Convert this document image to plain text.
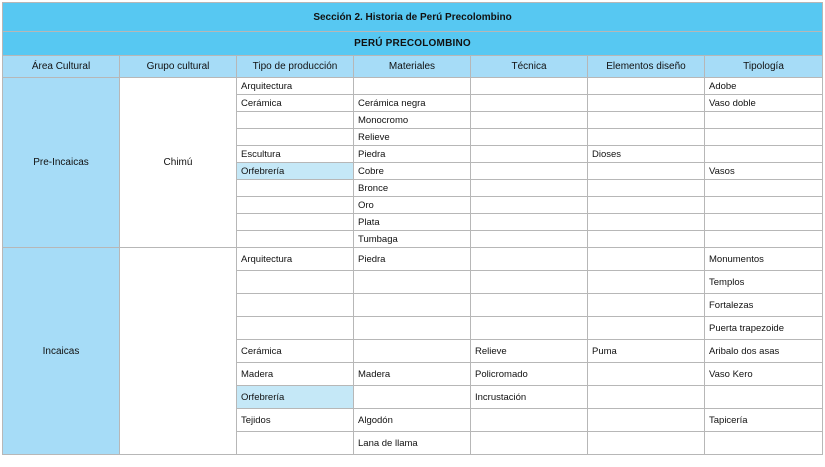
Sección 2. Historia de Perú Precolombino						
PERÚ PRECOLOMBINO						
Área Cultural	Grupo cultural	Tipo de producción	Materiales	Técnica	Elementos diseño	Tipología
Pre-Incaicas	Chimú	Arquitectura				Adobe
		Cerámica	Cerámica negra			Vaso doble
			Monocromo			
			Relieve			
		Escultura	Piedra		Dioses	
		Orfebrería	Cobre			Vasos
			Bronce			
			Oro			
			Plata			
			Tumbaga			
Incaicas		Arquitectura	Piedra			Monumentos
						Templos
						Fortalezas
						Puerta trapezoide
		Cerámica		Relieve	Puma	Aribalo dos asas
		Madera	Madera	Policromado		Vaso Kero
		Orfebrería		Incrustación		
		Tejidos	Algodón			Tapicería
			Lana de llama			
